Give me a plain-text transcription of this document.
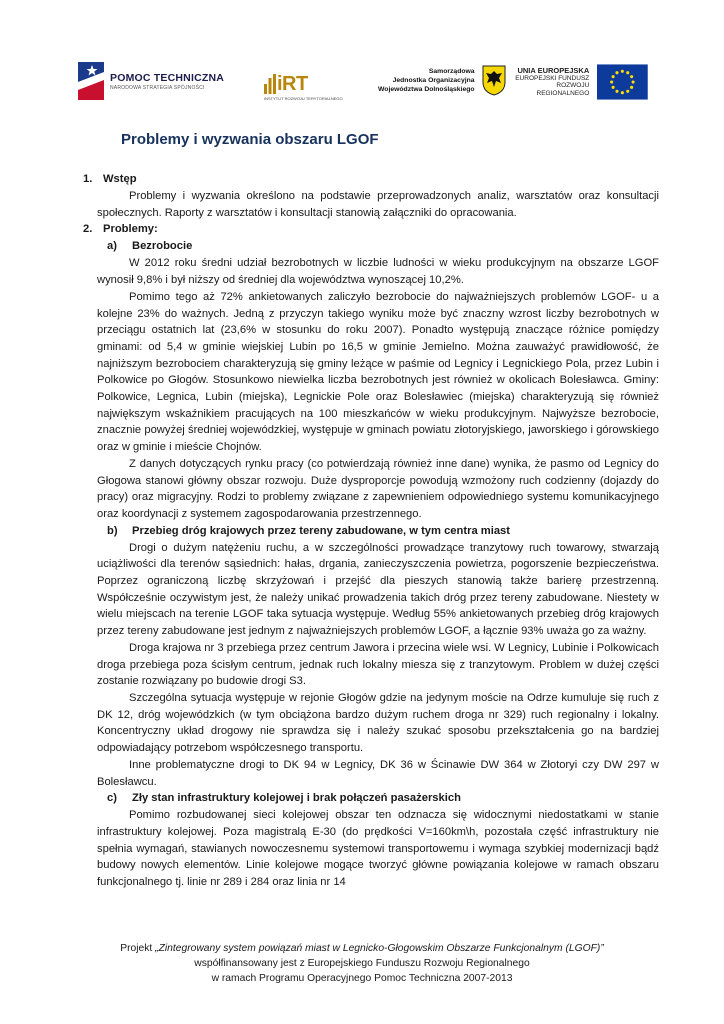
POMOC TECHNICZNA
NARODOWA STRATEGIA SPÓJNOŚCI	iRT
INSTYTUT ROZWOJU TERYTORIALNEGO
Samorządowa
Jednostka Organizacyjna
Województwa Dolnośląskiego
UNIA EUROPEJSKA
EUROPEJSKI FUNDUSZ
ROZWOJU REGIONALNEGO
Problemy i wyzwania obszaru LGOF
1. Wstęp

Problemy i wyzwania określono na podstawie przeprowadzonych analiz, warsztatów oraz konsultacji społecznych. Raporty z warsztatów i konsultacji stanowią załączniki do opracowania.

2. Problemy:
a)	Bezrobocie

W 2012 roku średni udział bezrobotnych w liczbie ludności w wieku produkcyjnym na obszarze LGOF wynosił 9,8% i był niższy od średniej dla województwa wynoszącej 10,2%.

Pomimo tego aż 72% ankietowanych zaliczyło bezrobocie do najważniejszych problemów LGOF- u a kolejne 23% do ważnych. Jedną z przyczyn takiego wyniku może być znaczny wzrost liczby bezrobotnych w przeciągu ostatnich lat (23,6% w stosunku do roku 2007). Ponadto występują znaczące różnice pomiędzy gminami: od 5,4 w gminie wiejskiej Lubin po 16,5 w gminie Jemielno. Można zauważyć prawidłowość, że najniższym bezrobociem charakteryzują się gminy leżące w paśmie od Legnicy i Legnickiego Pola, przez Lubin i Polkowice po Głogów. Stosunkowo niewielka liczba bezrobotnych jest również w okolicach Bolesławca. Gminy: Polkowice, Legnica, Lubin (miejska), Legnickie Pole oraz Bolesławiec (miejska) charakteryzują się również największym wskaźnikiem pracujących na 100 mieszkańców w wieku produkcyjnym. Najwyższe bezrobocie, znacznie powyżej średniej wojewódzkiej, występuje w gminach powiatu złotoryjskiego, jaworskiego i górowskiego oraz w gminie i mieście Chojnów.

Z danych dotyczących rynku pracy (co potwierdzają również inne dane) wynika, że pasmo od Legnicy do Głogowa stanowi główny obszar rozwoju. Duże dysproporcje powodują wzmożony ruch codzienny (dojazdy do pracy) oraz migracyjny. Rodzi to problemy związane z zapewnieniem odpowiedniego systemu komunikacyjnego oraz koordynacji z systemem zagospodarowania przestrzennego.

b)	Przebieg dróg krajowych przez tereny zabudowane, w tym centra miast

Drogi o dużym natężeniu ruchu, a w szczególności prowadzące tranzytowy ruch towarowy, stwarzają uciążliwości dla terenów sąsiednich: hałas, drgania, zanieczyszczenia powietrza, pogorszenie bezpieczeństwa. Poprzez ograniczoną liczbę skrzyżowań i przejść dla pieszych stanowią także barierę przestrzenną. Współcześnie oczywistym jest, że należy unikać prowadzenia takich dróg przez tereny zabudowane. Niestety w wielu miejscach na terenie LGOF taka sytuacja występuje. Według 55% ankietowanych przebieg dróg krajowych przez tereny zabudowane jest jednym z najważniejszych problemów LGOF, a łącznie 93% uważa go za ważny.

Droga krajowa nr 3 przebiega przez centrum Jawora i przecina wiele wsi. W Legnicy, Lubinie i Polkowicach droga przebiega poza ścisłym centrum, jednak ruch lokalny miesza się z tranzytowym. Problem w dużej części zostanie rozwiązany po budowie drogi S3.

Szczególna sytuacja występuje w rejonie Głogów gdzie na jedynym moście na Odrze kumuluje się ruch z DK 12, dróg wojewódzkich (w tym obciążona bardzo dużym ruchem droga nr 329) ruch regionalny i lokalny. Koncentryczny układ drogowy nie sprawdza się i należy szukać sposobu przekształcenia go na bardziej odpowiadający potrzebom współczesnego transportu.

Inne problematyczne drogi to DK 94 w Legnicy, DK 36 w Ścinawie DW 364 w Złotoryi czy DW 297 w Bolesławcu.

c)	Zły stan infrastruktury kolejowej i brak połączeń pasażerskich

Pomimo rozbudowanej sieci kolejowej obszar ten odznacza się widocznymi niedostatkami w stanie infrastruktury kolejowej. Poza magistralą E-30 (do prędkości V=160km\h, pozostała część infrastruktury nie spełnia wymagań, stawianych nowoczesnemu systemowi transportowemu i wymaga szybkiej modernizacji bądź budowy nowych elementów. Linie kolejowe mogące tworzyć główne powiązania kolejowe w ramach obszaru funkcjonalnego tj. linie nr 289 i 284 oraz linia nr 14

Projekt „Zintegrowany system powiązań miast w Legnicko-Głogowskim Obszarze Funkcjonalnym (LGOF)”
współfinansowany jest z Europejskiego Funduszu Rozwoju Regionalnego
w ramach Programu Operacyjnego Pomoc Techniczna 2007-2013
